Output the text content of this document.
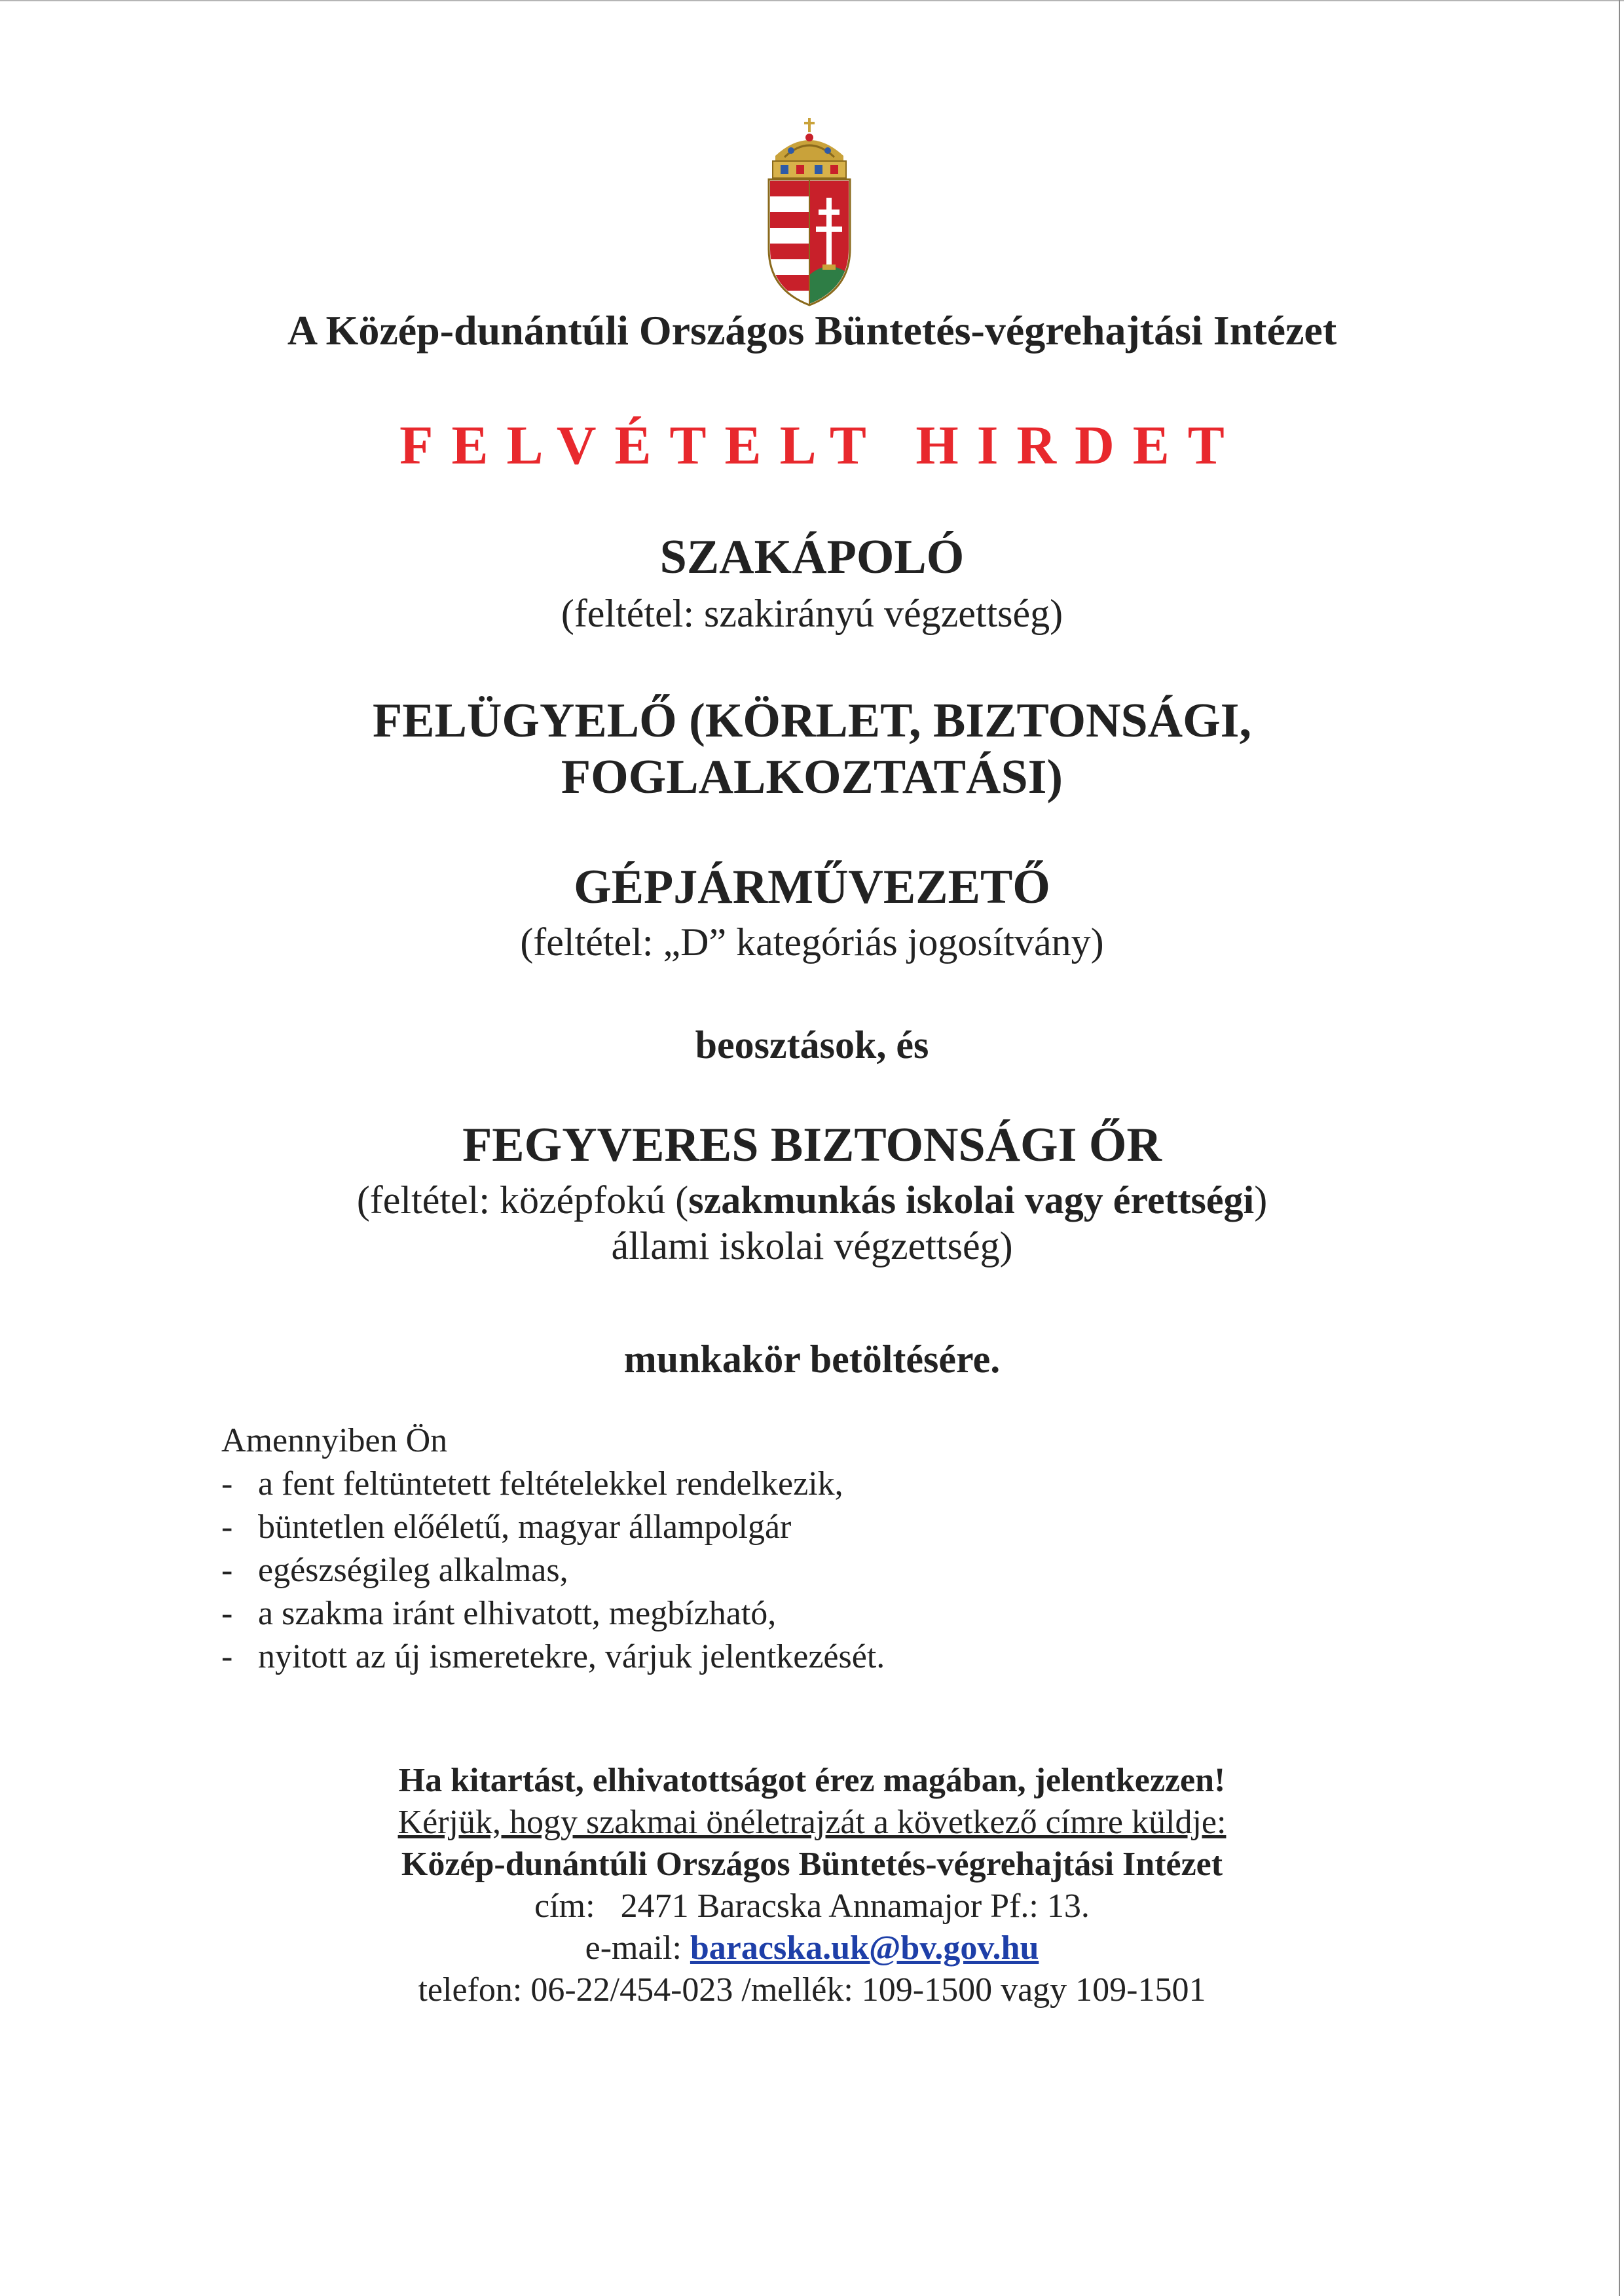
A Közép-dunántúli Országos Büntetés-végrehajtási Intézet
FELVÉTELT HIRDET
SZAKÁPOLÓ
(feltétel: szakirányú végzettség)
FELÜGYELŐ (KÖRLET, BIZTONSÁGI,
FOGLALKOZTATÁSI)
GÉPJÁRMŰVEZETŐ
(feltétel: „D” kategóriás jogosítvány)
beosztások, és
FEGYVERES BIZTONSÁGI ŐR
(feltétel: középfokú (szakmunkás iskolai vagy érettségi)
állami iskolai végzettség)
munkakör betöltésére.
Amennyiben Ön
- a fent feltüntetett feltételekkel rendelkezik,
- büntetlen előéletű, magyar állampolgár
- egészségileg alkalmas,
- a szakma iránt elhivatott, megbízható,
- nyitott az új ismeretekre, várjuk jelentkezését.
Ha kitartást, elhivatottságot érez magában, jelentkezzen!
Kérjük, hogy szakmai önéletrajzát a következő címre küldje:
Közép-dunántúli Országos Büntetés-végrehajtási Intézet
cím: 2471 Baracska Annamajor Pf.: 13.
e-mail: baracska.uk@bv.gov.hu
telefon: 06-22/454-023 /mellék: 109-1500 vagy 109-1501
